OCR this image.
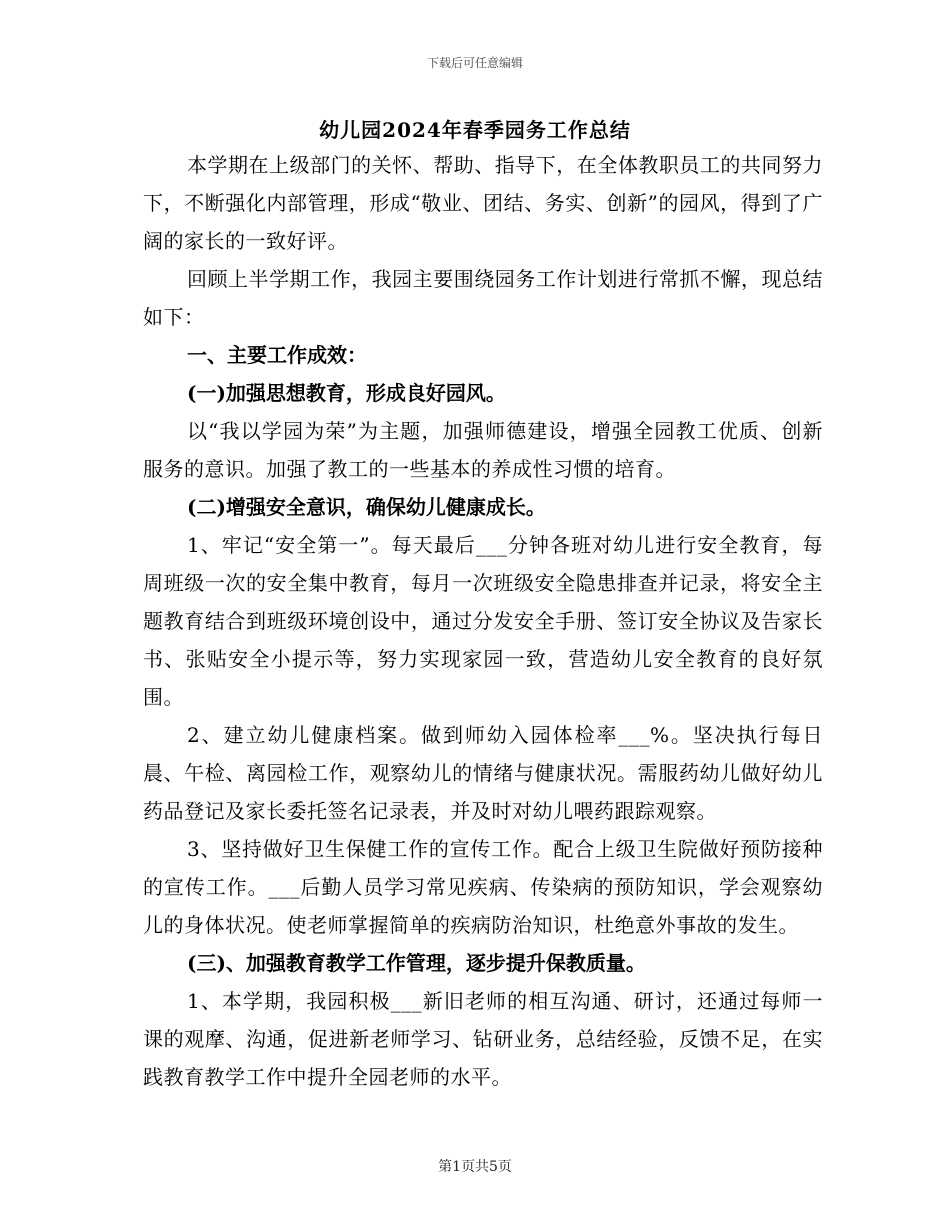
下载后可任意编辑
幼儿园2024年春季园务工作总结

本学期在上级部门的关怀、帮助、指导下，在全体教职员工的共同努力下，不断强化内部管理，形成“敬业、团结、务实、创新”的园风，得到了广阔的家长的一致好评。

回顾上半学期工作，我园主要围绕园务工作计划进行常抓不懈，现总结如下：

一、主要工作成效：

(一)加强思想教育，形成良好园风。

以“我以学园为荣”为主题，加强师德建设，增强全园教工优质、创新服务的意识。加强了教工的一些基本的养成性习惯的培育。

(二)增强安全意识，确保幼儿健康成长。

1、牢记“安全第一”。每天最后___分钟各班对幼儿进行安全教育，每周班级一次的安全集中教育，每月一次班级安全隐患排查并记录，将安全主题教育结合到班级环境创设中，通过分发安全手册、签订安全协议及告家长书、张贴安全小提示等，努力实现家园一致，营造幼儿安全教育的良好氛围。

2、建立幼儿健康档案。做到师幼入园体检率___%。坚决执行每日晨、午检、离园检工作，观察幼儿的情绪与健康状况。需服药幼儿做好幼儿药品登记及家长委托签名记录表，并及时对幼儿喂药跟踪观察。

3、坚持做好卫生保健工作的宣传工作。配合上级卫生院做好预防接种的宣传工作。___后勤人员学习常见疾病、传染病的预防知识，学会观察幼儿的身体状况。使老师掌握简单的疾病防治知识，杜绝意外事故的发生。

(三)、加强教育教学工作管理，逐步提升保教质量。

1、本学期，我园积极___新旧老师的相互沟通、研讨，还通过每师一课的观摩、沟通，促进新老师学习、钻研业务，总结经验，反馈不足，在实践教育教学工作中提升全园老师的水平。

第1页共5页
